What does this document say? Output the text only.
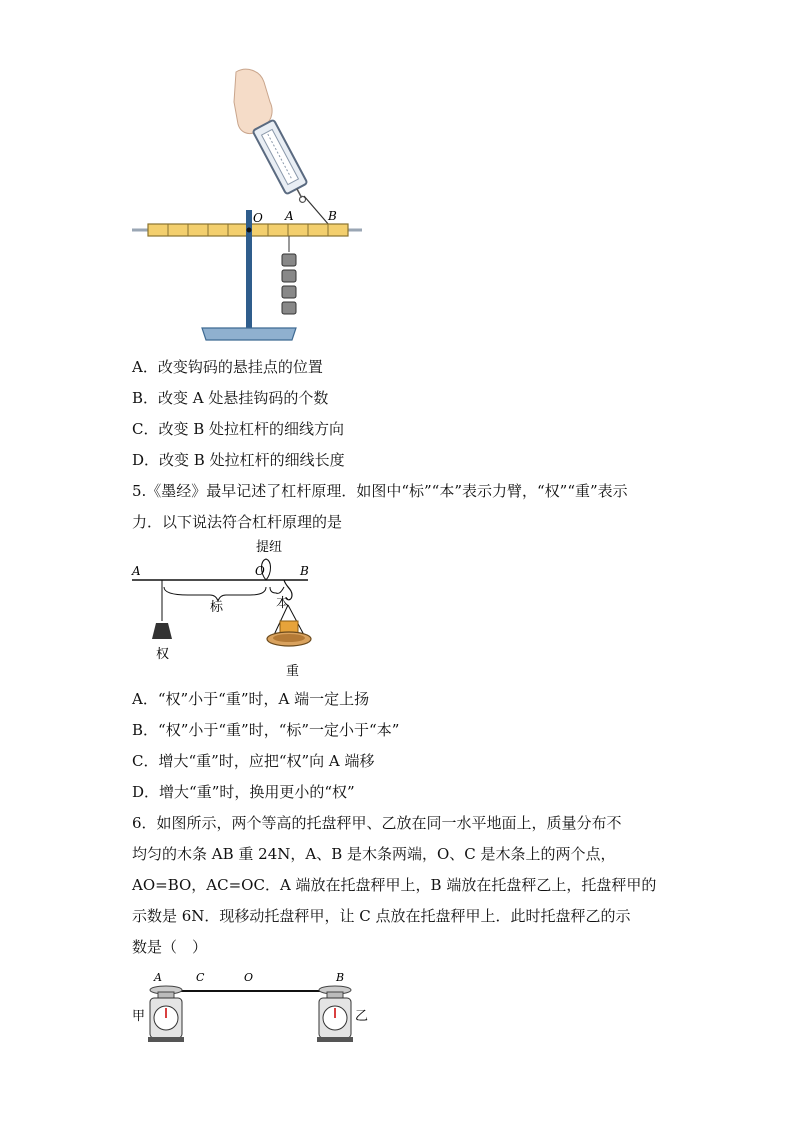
O A	B
A．改变钩码的悬挂点的位置
B．改变 A 处悬挂钩码的个数
C．改变 B 处拉杠杆的细线方向
D．改变 B 处拉杠杆的细线长度
5.《墨经》最早记述了杠杆原理．如图中“标”“本”表示力臂，“权”“重”表示
力．以下说法符合杠杆原理的是
提纽
A	O	B
标	本
权
重
A．“权”小于“重”时，A 端一定上扬
B．“权”小于“重”时，“标”一定小于“本”
C．增大“重”时，应把“权”向 A 端移
D．增大“重”时，换用更小的“权”
6．如图所示，两个等高的托盘秤甲、乙放在同一水平地面上，质量分布不
均匀的木条 AB 重 24N，A、B 是木条两端，O、C 是木条上的两个点，
AO=BO，AC=OC．A 端放在托盘秤甲上，B 端放在托盘秤乙上，托盘秤甲的
示数是 6N．现移动托盘秤甲，让 C 点放在托盘秤甲上．此时托盘秤乙的示
数是（　）
A	C	O	B
甲	乙
